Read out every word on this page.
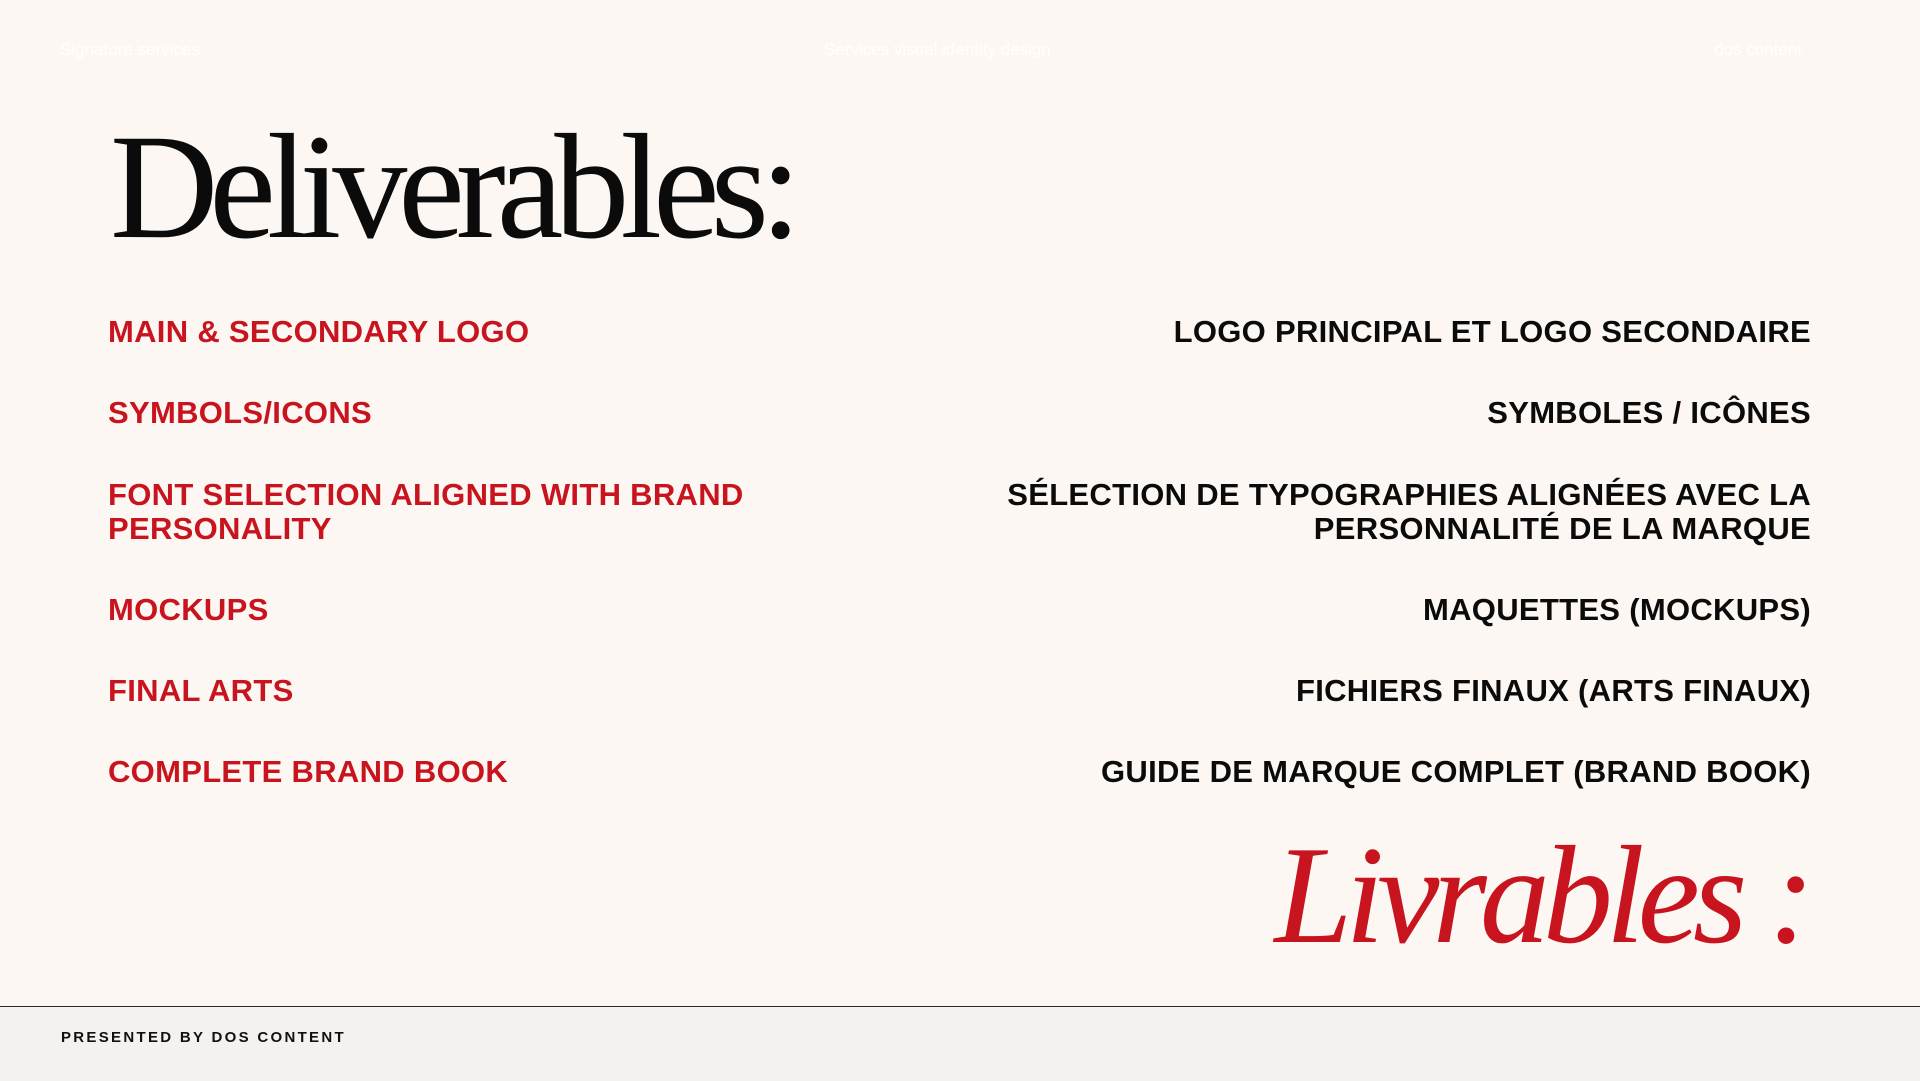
Signature services	Services visual identity design	dos content
Deliverables:
MAIN & SECONDARY LOGO
SYMBOLS/ICONS
FONT SELECTION ALIGNED WITH BRAND PERSONALITY
MOCKUPS
FINAL ARTS
COMPLETE BRAND BOOK
LOGO PRINCIPAL ET LOGO SECONDAIRE
SYMBOLES / ICÔNES
SÉLECTION DE TYPOGRAPHIES ALIGNÉES AVEC LA PERSONNALITÉ DE LA MARQUE
MAQUETTES (MOCKUPS)
FICHIERS FINAUX (ARTS FINAUX)
GUIDE DE MARQUE COMPLET (BRAND BOOK)
Livrables :
PRESENTED BY DOS CONTENT
